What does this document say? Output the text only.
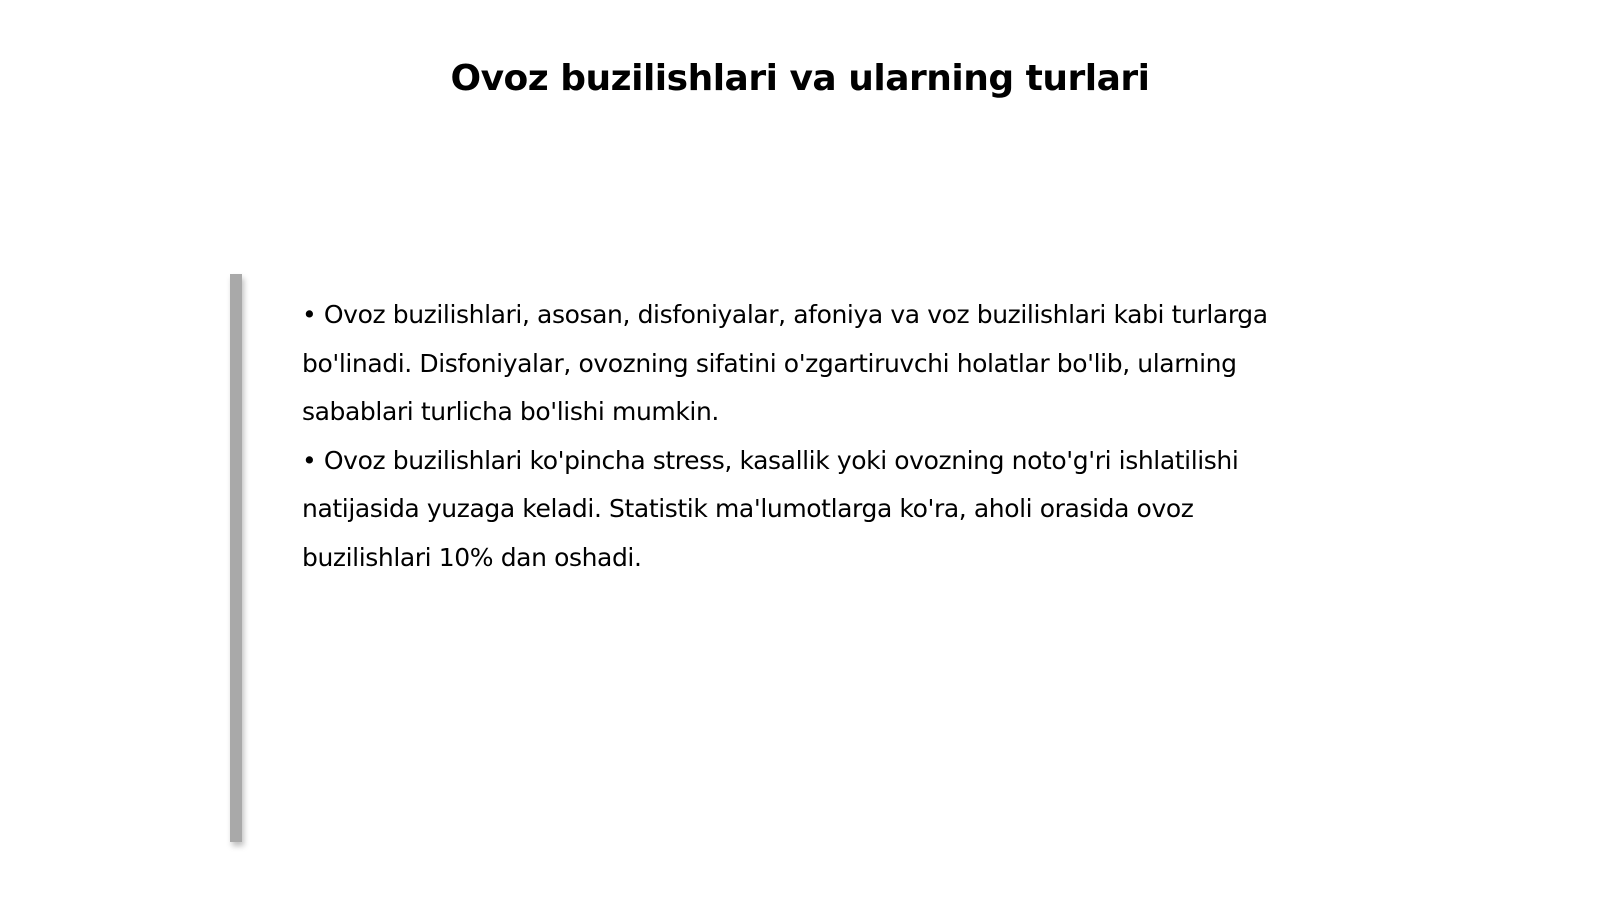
Ovoz buzilishlari va ularning turlari

• Ovoz buzilishlari, asosan, disfoniyalar, afoniya va voz buzilishlari kabi turlarga bo'linadi. Disfoniyalar, ovozning sifatini o'zgartiruvchi holatlar bo'lib, ularning sabablari turlicha bo'lishi mumkin.

• Ovoz buzilishlari ko'pincha stress, kasallik yoki ovozning noto'g'ri ishlatilishi natijasida yuzaga keladi. Statistik ma'lumotlarga ko'ra, aholi orasida ovoz buzilishlari 10% dan oshadi.
